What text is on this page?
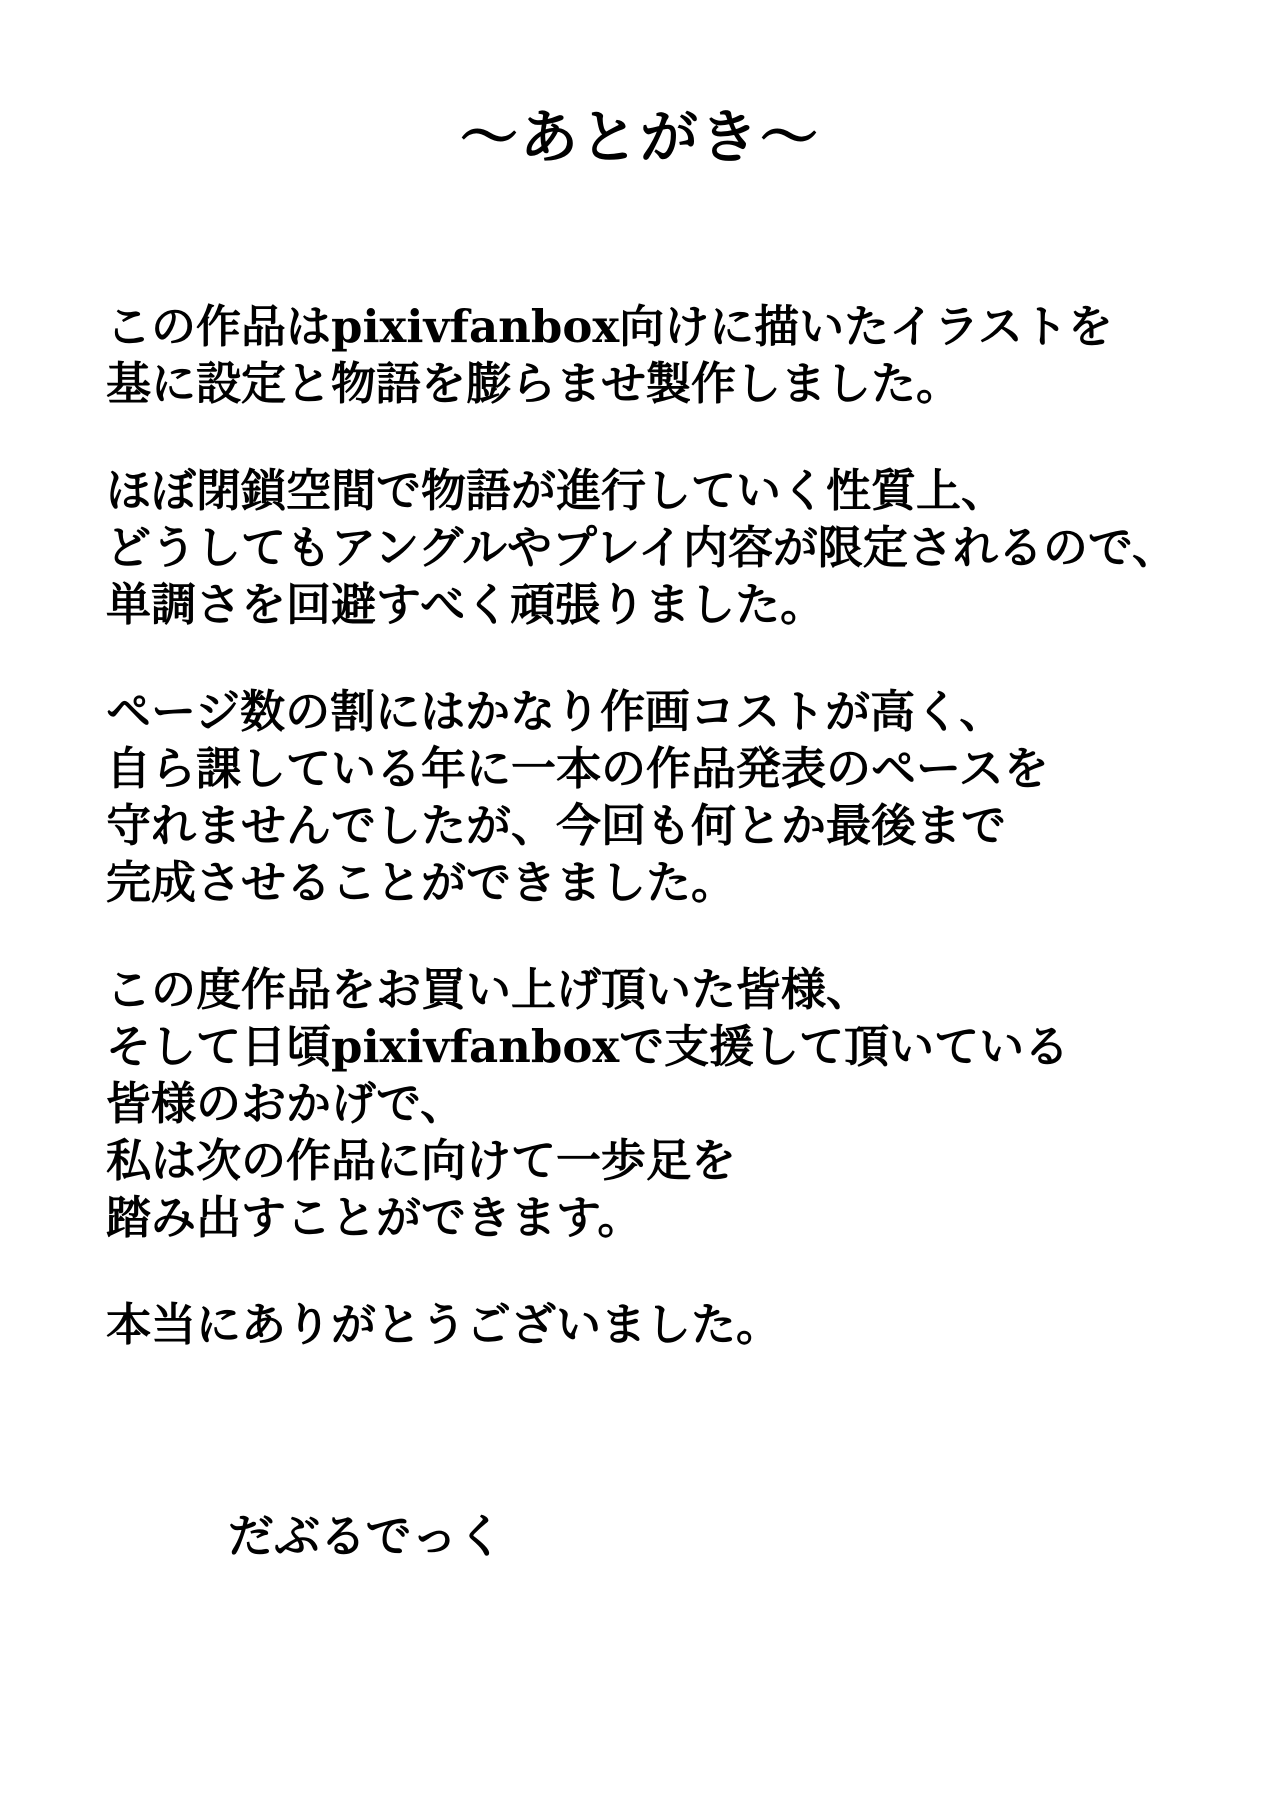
～あとがき～

この作品はpixivfanbox向けに描いたイラストを
基に設定と物語を膨らませ製作しました。

ほぼ閉鎖空間で物語が進行していく性質上、
どうしてもアングルやプレイ内容が限定されるので、
単調さを回避すべく頑張りました。

ページ数の割にはかなり作画コストが高く、
自ら課している年に一本の作品発表のペースを
守れませんでしたが、今回も何とか最後まで
完成させることができました。

この度作品をお買い上げ頂いた皆様、
そして日頃pixivfanboxで支援して頂いている
皆様のおかげで、
私は次の作品に向けて一歩足を
踏み出すことができます。

本当にありがとうございました。

だぶるでっく
